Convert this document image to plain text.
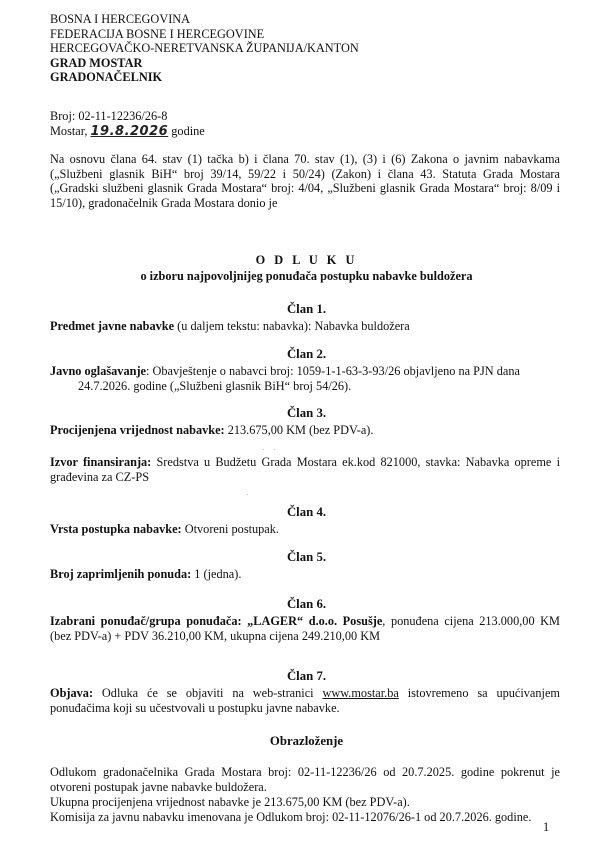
BOSNA I HERCEGOVINA
FEDERACIJA BOSNE I HERCEGOVINE
HERCEGOVAČKO-NERETVANSKA ŽUPANIJA/KANTON
GRAD MOSTAR
GRADONAČELNIK
Broj: 02-11-12236/26-8
Mostar, 19.8.2026 godine
Na osnovu člana 64. stav (1) tačka b) i člana 70. stav (1), (3) i (6) Zakona o javnim nabavkama („Službeni glasnik BiH“ broj 39/14, 59/22 i 50/24) (Zakon) i člana 43. Statuta Grada Mostara („Gradski službeni glasnik Grada Mostara“ broj: 4/04, „Službeni glasnik Grada Mostara“ broj: 8/09 i 15/10), gradonačelnik Grada Mostara donio je
O D L U K U
o izboru najpovoljnijeg ponuđača postupku nabavke buldožera
Član 1.
Predmet javne nabavke (u daljem tekstu: nabavka): Nabavka buldožera
Član 2.
Javno oglašavanje: Obavještenje o nabavci broj: 1059-1-1-63-3-93/26 objavljeno na PJN dana
24.7.2026. godine („Službeni glasnik BiH“ broj 54/26).
Član 3.
Procijenjena vrijednost nabavke: 213.675,00 KM (bez PDV-a).
Izvor finansiranja: Sredstva u Budžetu Grada Mostara ek.kod 821000, stavka: Nabavka opreme i građevina za CZ-PS
·     ·
·
Član 4.
Vrsta postupka nabavke: Otvoreni postupak.
Član 5.
Broj zaprimljenih ponuda: 1 (jedna).
Član 6.
Izabrani ponuđač/grupa ponuđača: „LAGER“ d.o.o. Posušje, ponuđena cijena 213.000,00 KM (bez PDV-a) + PDV 36.210,00 KM, ukupna cijena 249.210,00 KM
Član 7.
Objava: Odluka će se objaviti na web-stranici www.mostar.ba istovremeno sa upućivanjem ponuđačima koji su učestvovali u postupku javne nabavke.
Obrazloženje
Odlukom gradonačelnika Grada Mostara broj: 02-11-12236/26 od 20.7.2025. godine pokrenut je otvoreni postupak javne nabavke buldožera.
Ukupna procijenjena vrijednost nabavke je 213.675,00 KM (bez PDV-a).
Komisija za javnu nabavku imenovana je Odlukom broj: 02-11-12076/26-1 od 20.7.2026. godine.
1
